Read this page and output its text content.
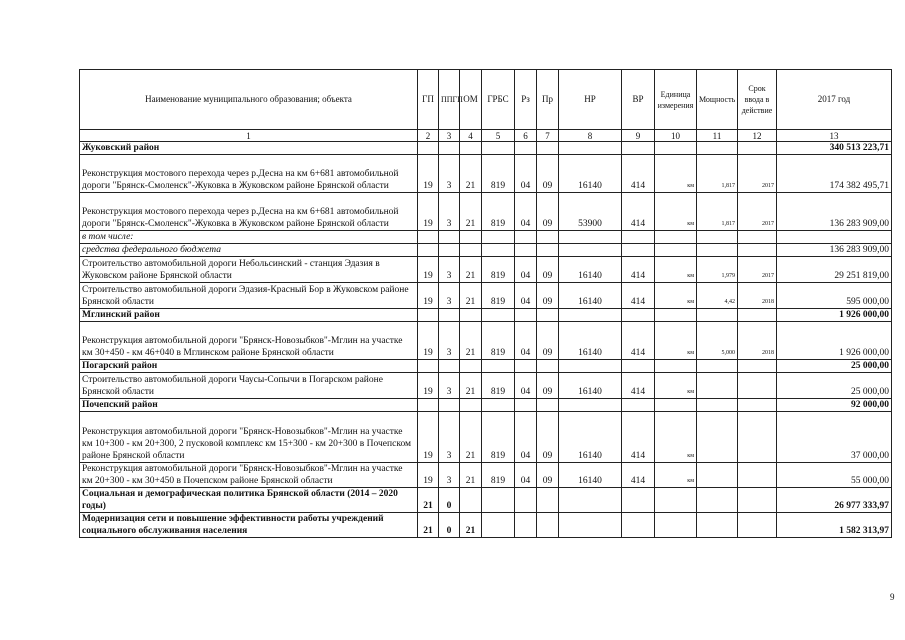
Наименование муниципального образования; объекта	ГП	ППГП	ОМ	ГРБС	Рз	Пр	НР	ВР	Единица измерения	Мощность	Срок ввода в действие	2017 год
1	2	3	4	5	6	7	8	9	10	11	12	13
Жуковский район												340 513 223,71
Реконструкция мостового перехода через р.Десна на км 6+681 автомобильной дороги "Брянск-Смоленск"-Жуковка в Жуковском районе Брянской области	19	3	21	819	04	09	16140	414	км	1,817	2017	174 382 495,71
Реконструкция мостового перехода через р.Десна на км 6+681 автомобильной дороги "Брянск-Смоленск"-Жуковка в Жуковском районе Брянской области	19	3	21	819	04	09	53900	414	км	1,817	2017	136 283 909,00
в том числе:												
средства федерального бюджета												136 283 909,00
Строительство автомобильной дороги Небольсинский - станция Эдазия в Жуковском районе Брянской области	19	3	21	819	04	09	16140	414	км	1,979	2017	29 251 819,00
Строительство автомобильной дороги Эдазия-Красный Бор в Жуковском районе Брянской области	19	3	21	819	04	09	16140	414	км	4,42	2018	595 000,00
Мглинский район												1 926 000,00
Реконструкция автомобильной дороги "Брянск-Новозыбков"-Мглин на участке км 30+450 - км 46+040 в Мглинском районе Брянской области	19	3	21	819	04	09	16140	414	км	5,000	2018	1 926 000,00
Погарский район												25 000,00
Строительство автомобильной дороги Чаусы-Сопычи в Погарском районе Брянской области	19	3	21	819	04	09	16140	414	км			25 000,00
Почепский район												92 000,00
Реконструкция автомобильной дороги "Брянск-Новозыбков"-Мглин на участке км 10+300 - км 20+300, 2 пусковой комплекс км 15+300 - км 20+300 в Почепском районе Брянской области	19	3	21	819	04	09	16140	414	км			37 000,00
Реконструкция автомобильной дороги "Брянск-Новозыбков"-Мглин на участке км 20+300 - км 30+450 в Почепском районе Брянской области	19	3	21	819	04	09	16140	414	км			55 000,00
Социальная и демографическая политика Брянской области (2014 – 2020 годы)	21	0										26 977 333,97
Модернизация сети и повышение эффективности работы учреждений социального обслуживания населения	21	0	21									1 582 313,97
9
